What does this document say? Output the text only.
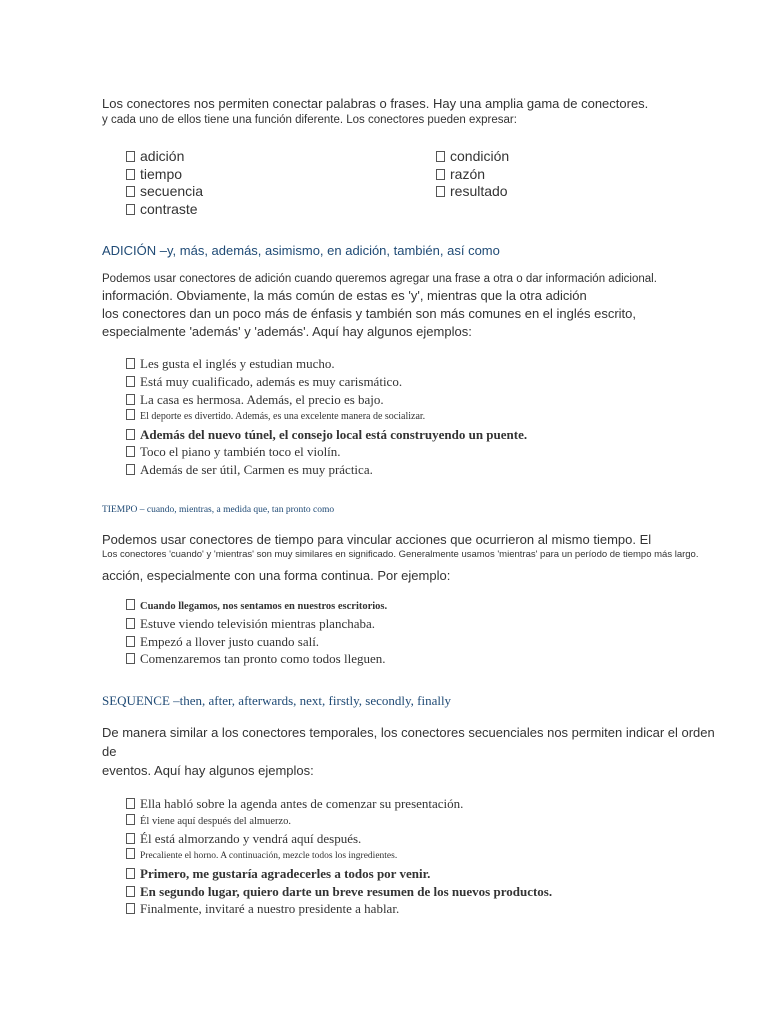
Los conectores nos permiten conectar palabras o frases. Hay una amplia gama de conectores.

y cada uno de ellos tiene una función diferente. Los conectores pueden expresar:

adición
tiempo
secuencia
contraste
condición
razón
resultado

ADICIÓN –y, más, además, asimismo, en adición, también, así como

Podemos usar conectores de adición cuando queremos agregar una frase a otra o dar información adicional.

información. Obviamente, la más común de estas es 'y', mientras que la otra adición

los conectores dan un poco más de énfasis y también son más comunes en el inglés escrito,

especialmente 'además' y 'además'. Aquí hay algunos ejemplos:

Les gusta el inglés y estudian mucho.
Está muy cualificado, además es muy carismático.
La casa es hermosa. Además, el precio es bajo.
El deporte es divertido. Además, es una excelente manera de socializar.
Además del nuevo túnel, el consejo local está construyendo un puente.
Toco el piano y también toco el violín.
Además de ser útil, Carmen es muy práctica.

TIEMPO – cuando, mientras, a medida que, tan pronto como

Podemos usar conectores de tiempo para vincular acciones que ocurrieron al mismo tiempo. El

Los conectores 'cuando' y 'mientras' son muy similares en significado. Generalmente usamos 'mientras' para un período de tiempo más largo.

acción, especialmente con una forma continua. Por ejemplo:

Cuando llegamos, nos sentamos en nuestros escritorios.
Estuve viendo televisión mientras planchaba.
Empezó a llover justo cuando salí.
Comenzaremos tan pronto como todos lleguen.

SEQUENCE –then, after, afterwards, next, firstly, secondly, finally

De manera similar a los conectores temporales, los conectores secuenciales nos permiten indicar el orden de

eventos. Aquí hay algunos ejemplos:

Ella habló sobre la agenda antes de comenzar su presentación.
Él viene aquí después del almuerzo.
Él está almorzando y vendrá aquí después.
Precaliente el horno. A continuación, mezcle todos los ingredientes.
Primero, me gustaría agradecerles a todos por venir.
En segundo lugar, quiero darte un breve resumen de los nuevos productos.
Finalmente, invitaré a nuestro presidente a hablar.
